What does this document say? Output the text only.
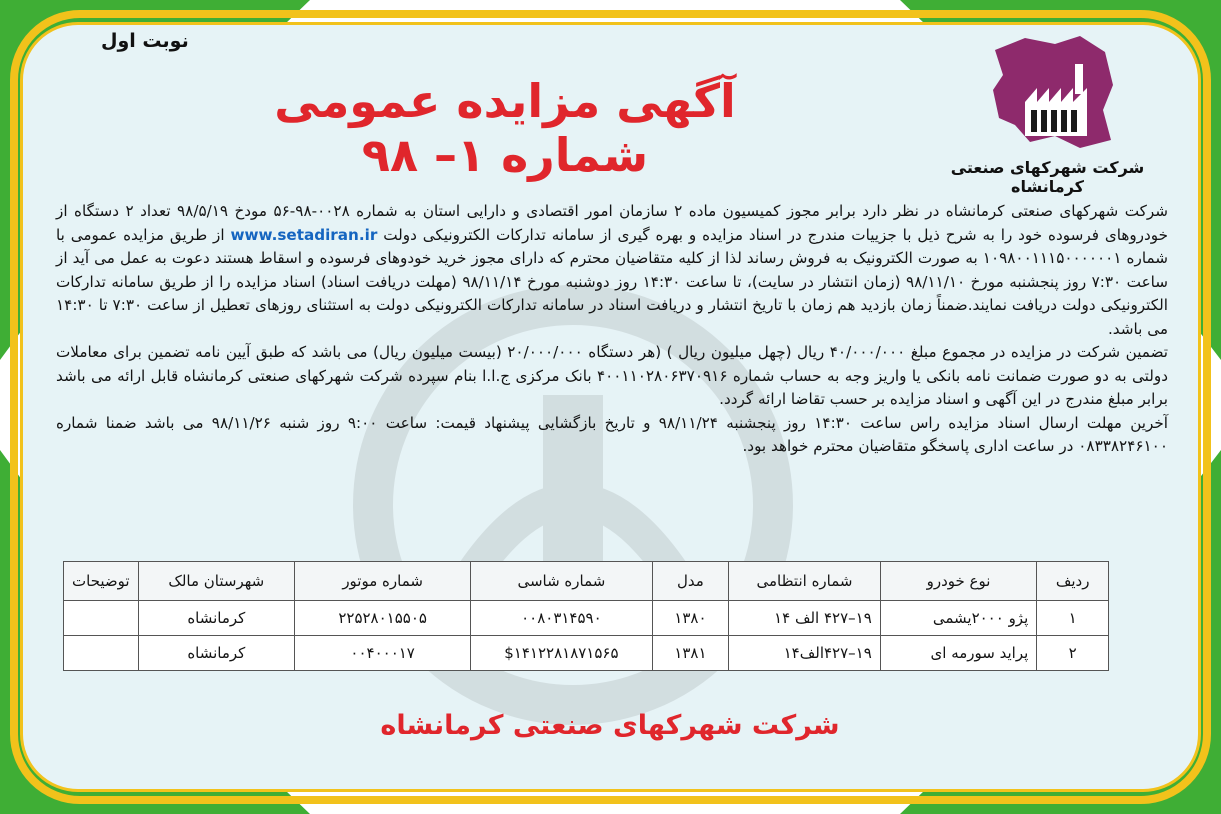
نوبت اول
آگهی مزایده عمومی شماره ۱– ۹۸	شرکت شهرکهای صنعتی کرمانشاه

شرکت شهرکهای صنعتی کرمانشاه در نظر دارد برابر مجوز کمیسیون ماده ۲ سازمان امور اقتصادی و دارایی استان به شماره ۰۰۲۸-۹۸-۵۶ مودخ ۹۸/۵/۱۹ تعداد ۲ دستگاه از خودروهای فرسوده خود را به شرح ذیل با جزییات مندرج در اسناد مزایده و بهره گیری از سامانه تدارکات الکترونیکی دولت www.setadiran.ir از طریق مزایده عمومی با شماره ۱۰۹۸۰۰۱۱۱۵۰۰۰۰۰۰۱ به صورت الکترونیک به فروش رساند لذا از کلیه متقاضیان محترم که دارای مجوز خرید خودوهای فرسوده و اسقاط هستند دعوت به عمل می آید از ساعت ۷:۳۰ روز پنجشنبه مورخ ۹۸/۱۱/۱۰ (زمان انتشار در سایت)، تا ساعت ۱۴:۳۰ روز دوشنبه مورخ ۹۸/۱۱/۱۴ (مهلت دریافت اسناد) اسناد مزایده را از طریق سامانه تدارکات الکترونیکی دولت دریافت نمایند.ضمناً زمان بازدید هم زمان با تاریخ انتشار و دریافت اسناد در سامانه تدارکات الکترونیکی دولت به استثنای روزهای تعطیل از ساعت ۷:۳۰ تا ۱۴:۳۰ می باشد.

تضمین شرکت در مزایده در مجموع مبلغ ۴۰/۰۰۰/۰۰۰ ریال (چهل میلیون ریال ) (هر دستگاه ۲۰/۰۰۰/۰۰۰ (بیست میلیون ریال) می باشد که طبق آیین نامه تضمین برای معاملات دولتی به دو صورت ضمانت نامه بانکی یا واریز وجه به حساب شماره ۴۰۰۱۱۰۲۸۰۶۳۷۰۹۱۶ بانک مرکزی ج.ا.ا بنام سپرده شرکت شهرکهای صنعتی کرمانشاه قابل ارائه می باشد برابر مبلغ مندرج در این آگهی و اسناد مزایده بر حسب تقاضا ارائه گردد.

آخرین مهلت ارسال اسناد مزایده راس ساعت ۱۴:۳۰ روز پنجشنبه ۹۸/۱۱/۲۴ و تاریخ بازگشایی پیشنهاد قیمت: ساعت ۹:۰۰ روز شنبه ۹۸/۱۱/۲۶ می باشد ضمنا شماره ۰۸۳۳۸۲۴۶۱۰۰ در ساعت اداری پاسخگو متقاضیان محترم خواهد بود.

ردیف	نوع خودرو	شماره انتظامی	مدل	شماره شاسی	شماره موتور	شهرستان مالک	توضیحات
۱	پژو ۲۰۰۰یشمی	۱۹–۴۲۷ الف ۱۴	۱۳۸۰	۰۰۸۰۳۱۴۵۹۰	۲۲۵۲۸۰۱۵۵۰۵	کرمانشاه	
۲	پراید سورمه ای	۱۹–۴۲۷الف۱۴	۱۳۸۱	$۱۴۱۲۲۸۱۸۷۱۵۶۵	۰۰۴۰۰۰۱۷	کرمانشاه	
شرکت شهرکهای صنعتی کرمانشاه
